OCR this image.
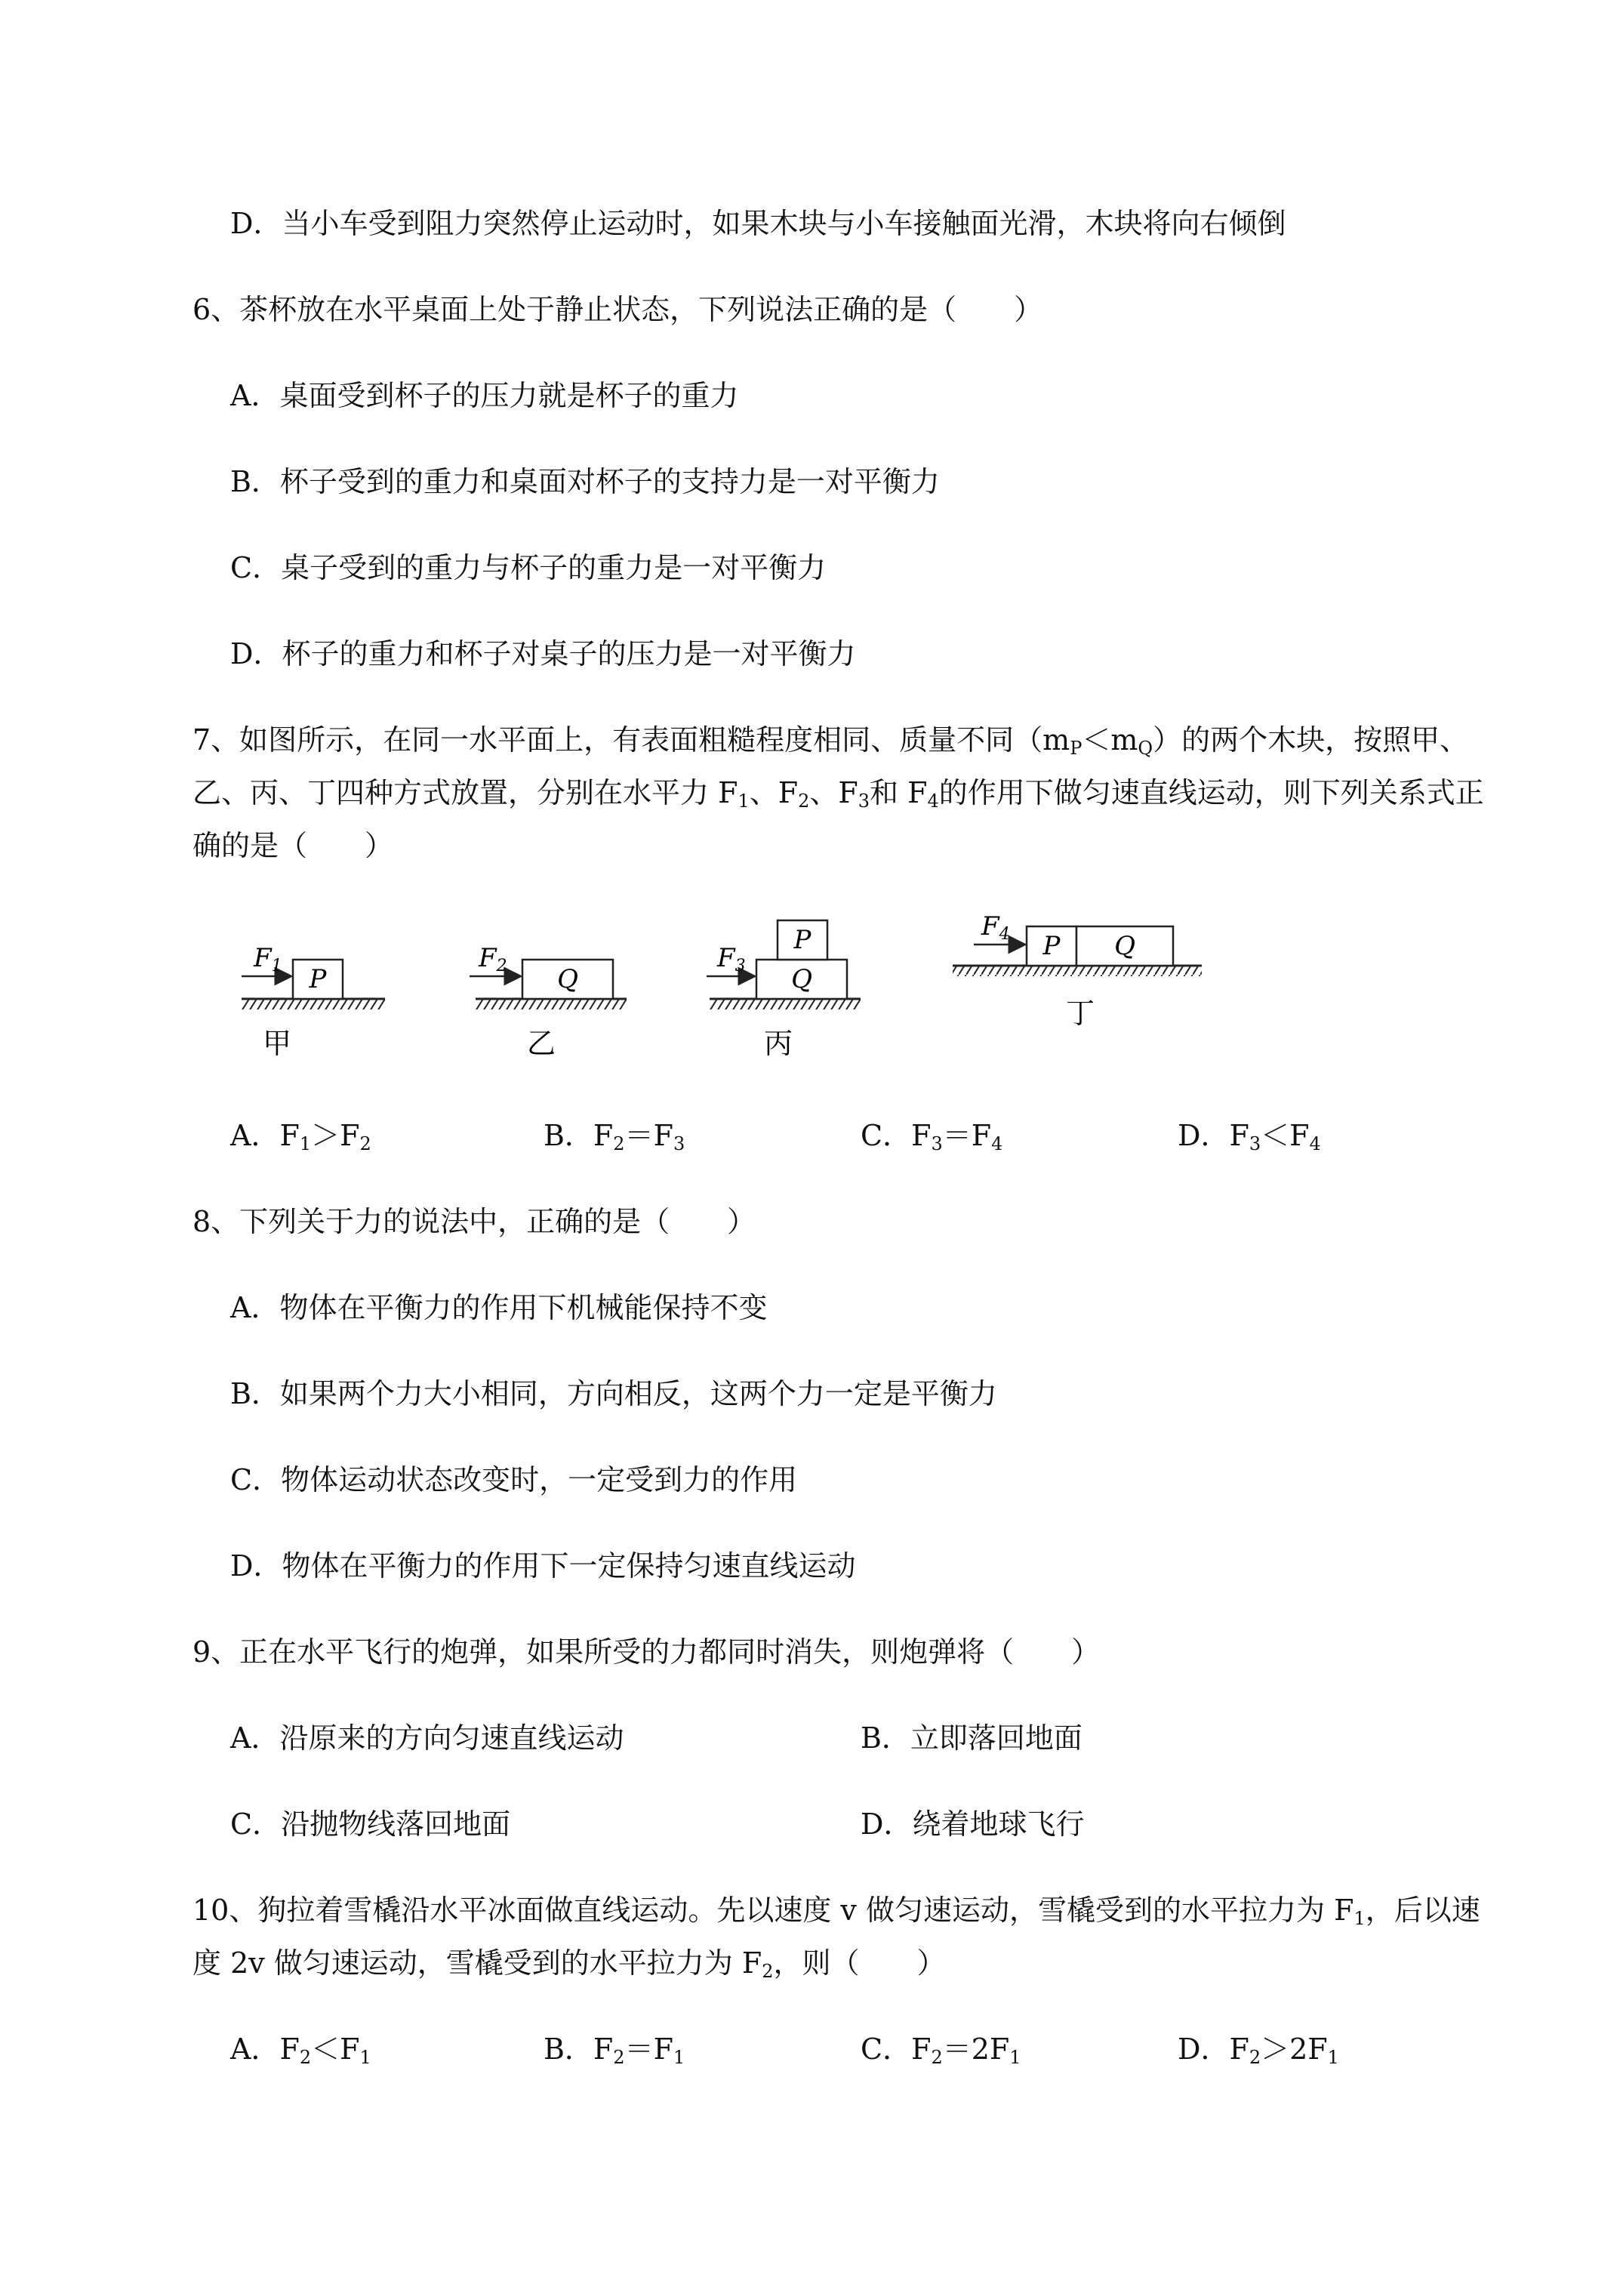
D．当小车受到阻力突然停止运动时，如果木块与小车接触面光滑，木块将向右倾倒
6、茶杯放在水平桌面上处于静止状态，下列说法正确的是（　　）
A．桌面受到杯子的压力就是杯子的重力
B．杯子受到的重力和桌面对杯子的支持力是一对平衡力
C．桌子受到的重力与杯子的重力是一对平衡力
D．杯子的重力和杯子对桌子的压力是一对平衡力
7、如图所示，在同一水平面上，有表面粗糙程度相同、质量不同$(m_P<m_Q)$的两个木块，按照甲、
乙、丙、丁四种方式放置，分别在水平力 $F_1$、$F_2$、$F_3$和 $F_4$的作用下做匀速直线运动，则下列关系式正
确的是（　　）
P
F1
甲
Q
F2
乙
Q
P
F3
丙
P Q
F4
丁
A．$F_1>F_2$	B．$F_2=F_3$	C．$F_3=F_4$	D．$F_3<F_4$
8、下列关于力的说法中，正确的是（　　）
A．物体在平衡力的作用下机械能保持不变
B．如果两个力大小相同，方向相反，这两个力一定是平衡力
C．物体运动状态改变时，一定受到力的作用
D．物体在平衡力的作用下一定保持匀速直线运动
9、正在水平飞行的炮弹，如果所受的力都同时消失，则炮弹将（　　）
A．沿原来的方向匀速直线运动	B．立即落回地面
C．沿抛物线落回地面	D．绕着地球飞行
10、狗拉着雪橇沿水平冰面做直线运动。先以速度 v 做匀速运动，雪橇受到的水平拉力为 $F_1$，后以速
度 2v 做匀速运动，雪橇受到的水平拉力为 $F_2$，则（　　）
A．$F_2<F_1$	B．$F_2=F_1$	C．$F_2=2F_1$	D．$F_2>2F_1$
